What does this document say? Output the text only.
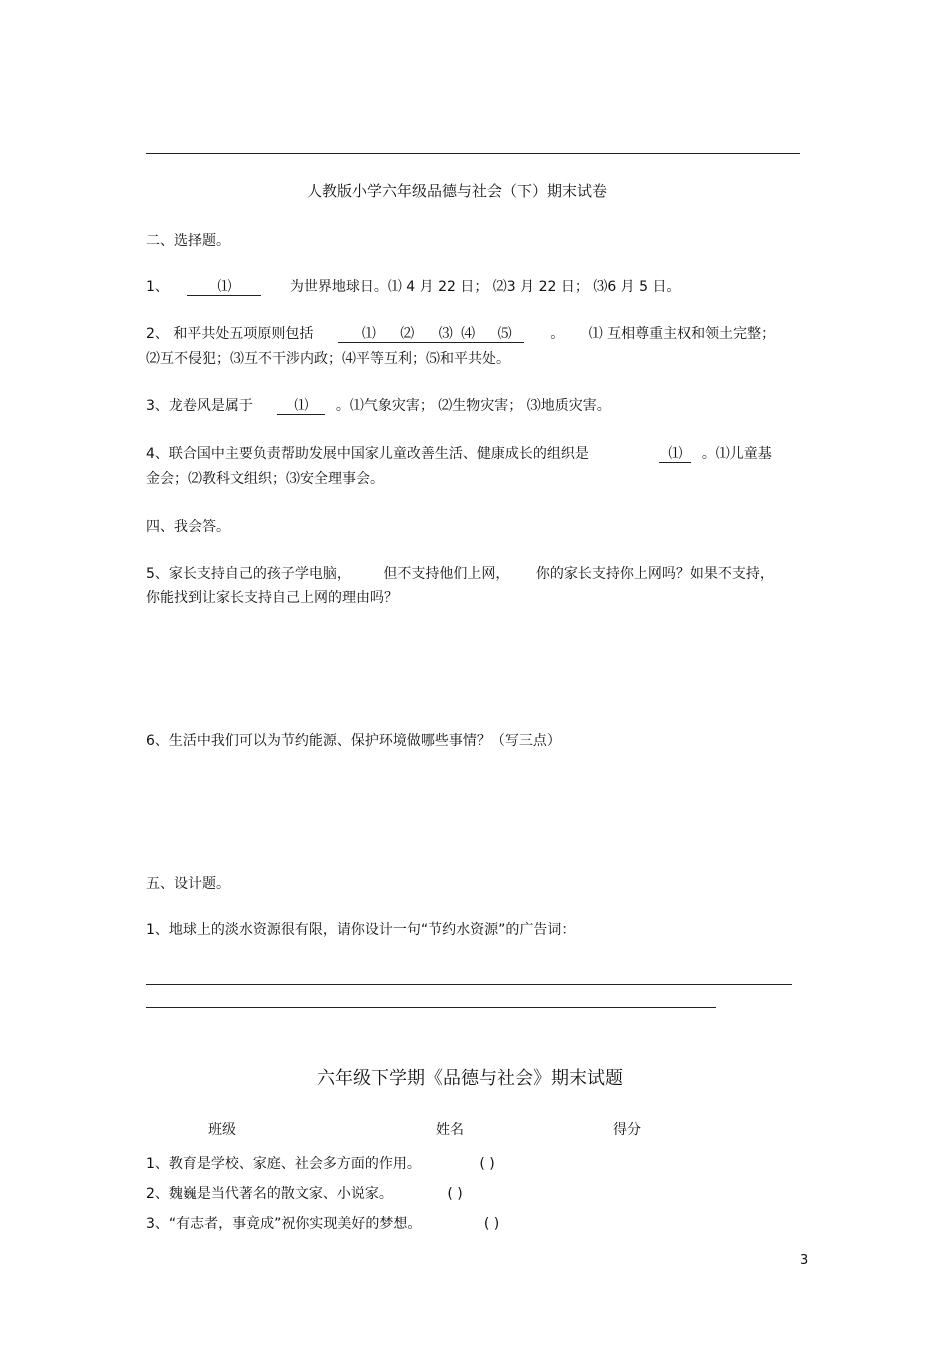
人教版小学六年级品德与社会（下）期末试卷
二、选择题。
1、	⑴	为世界地球日。⑴ 4 月 22 日； ⑵3 月 22 日； ⑶6 月 5 日。
2、 和平共处五项原则包括	⑴ ⑵ ⑶ ⑷ ⑸	。 ⑴ 互相尊重主权和领土完整；
⑵互不侵犯；⑶互不干涉内政；⑷平等互利；⑸和平共处。
3、龙卷风是属于	⑴ 。⑴气象灾害； ⑵生物灾害； ⑶地质灾害。
4、联合国中主要负责帮助发展中国家儿童改善生活、健康成长的组织是	⑴ 。⑴儿童基
金会；⑵教科文组织；⑶安全理事会。
四、我会答。
5、家长支持自己的孩子学电脑， 但不支持他们上网， 你的家长支持你上网吗？如果不支持，
你能找到让家长支持自己上网的理由吗？
6、生活中我们可以为节约能源、保护环境做哪些事情？（写三点）
五、设计题。
1、地球上的淡水资源很有限，请你设计一句“节约水资源”的广告词：
六年级下学期《品德与社会》期末试题
班级	姓名	得分
1、教育是学校、家庭、社会多方面的作用。	( )
2、魏巍是当代著名的散文家、小说家。	( )
3、“有志者，事竟成”祝你实现美好的梦想。	( )
3
